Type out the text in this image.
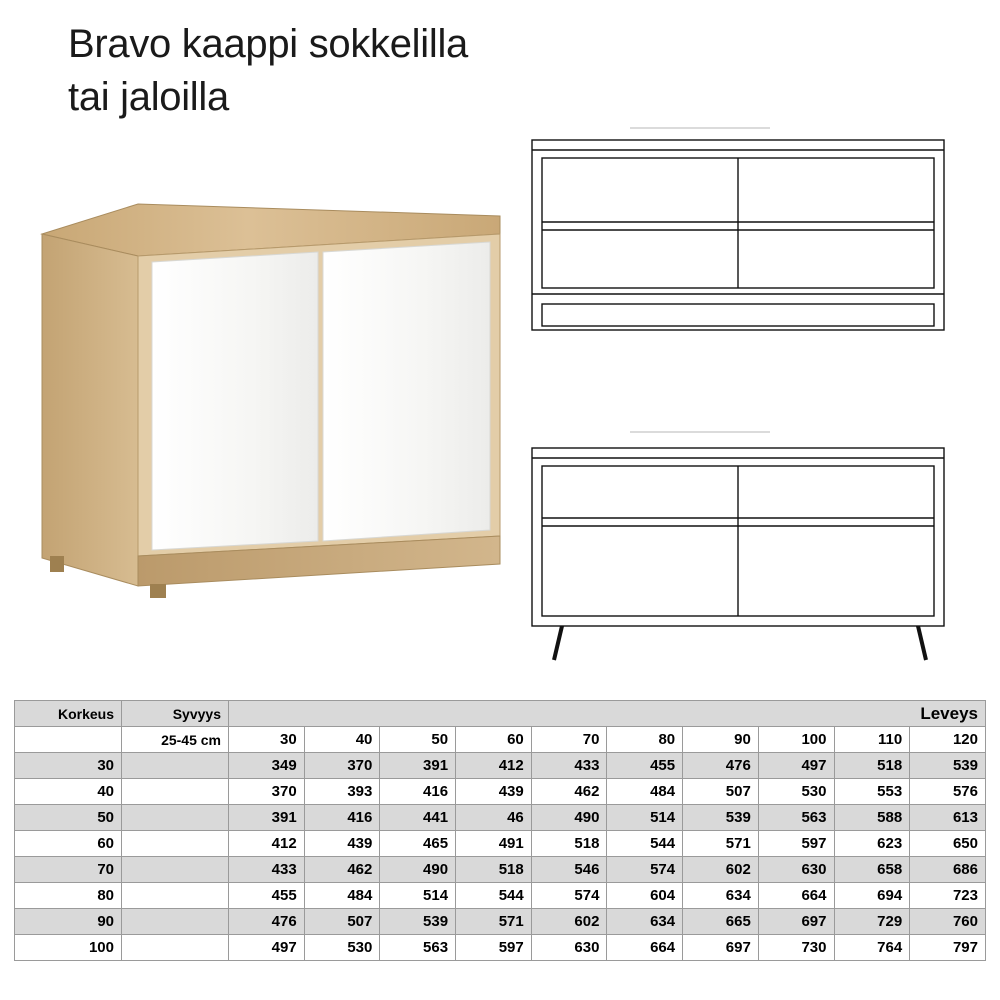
Bravo kaappi sokkelilla
tai jaloilla
Korkeus	Syvyys	Leveys									
	25-45 cm	30	40	50	60	70	80	90	100	110	120
30		349	370	391	412	433	455	476	497	518	539
40		370	393	416	439	462	484	507	530	553	576
50		391	416	441	46	490	514	539	563	588	613
60		412	439	465	491	518	544	571	597	623	650
70		433	462	490	518	546	574	602	630	658	686
80		455	484	514	544	574	604	634	664	694	723
90		476	507	539	571	602	634	665	697	729	760
100		497	530	563	597	630	664	697	730	764	797
